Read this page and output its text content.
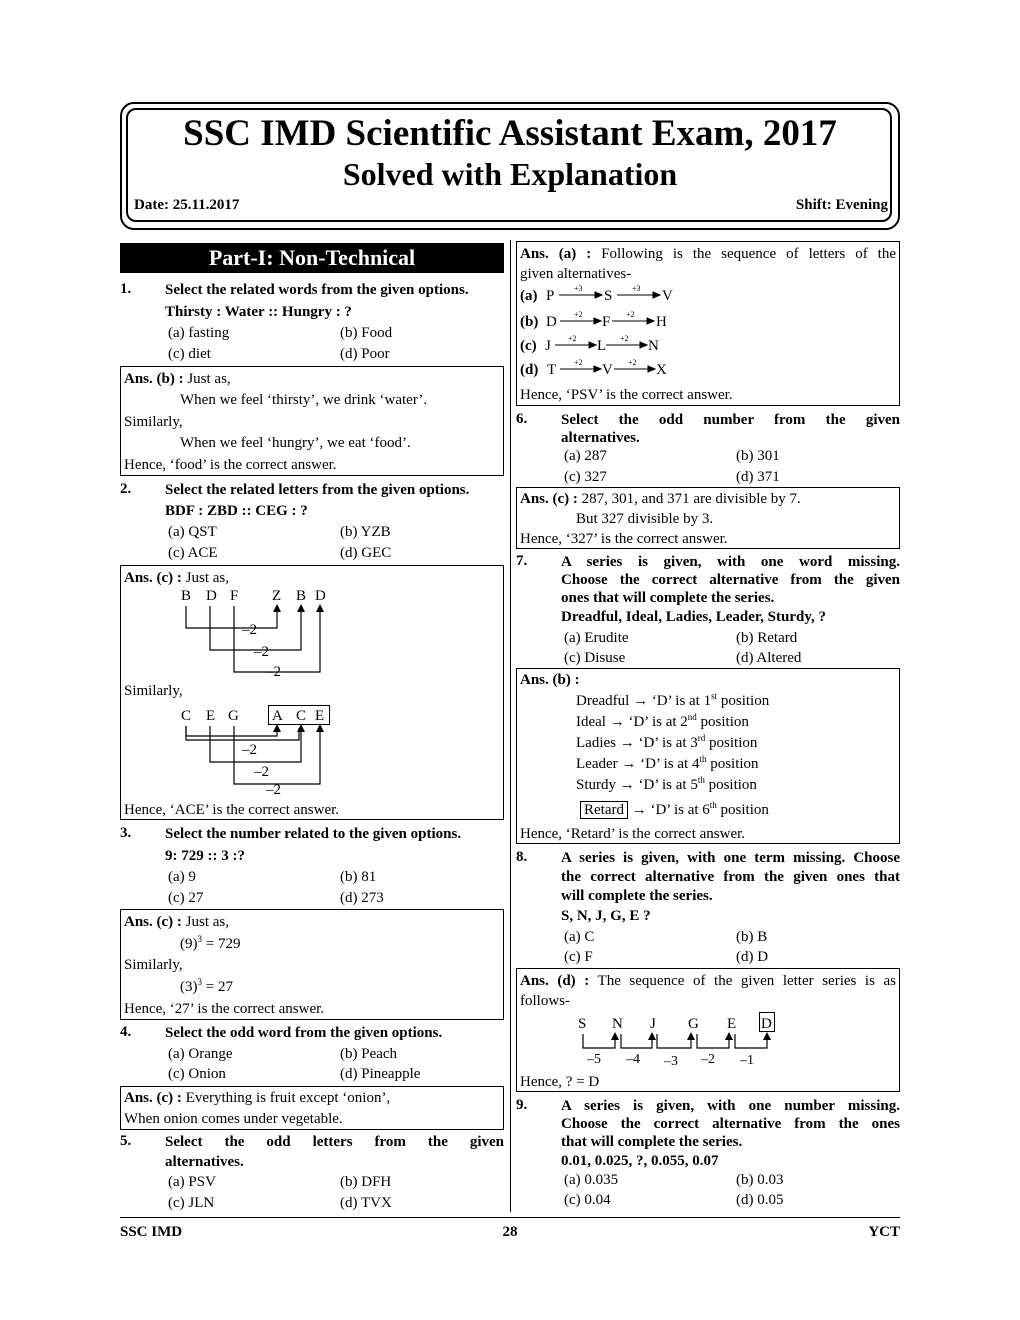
SSC IMD Scientific Assistant Exam, 2017
Solved with Explanation
Date: 25.11.2017	Shift: Evening
Part-I: Non-Technical
1. Select the related words from the given options.
Thirsty : Water :: Hungry : ?
(a) fasting	(b) Food
(c) diet	(d) Poor
Ans. (b) : Just as,
When we feel ‘thirsty’, we drink ‘water’.
Similarly,
When we feel ‘hungry’, we eat ‘food’.
Hence, ‘food’ is the correct answer.
2. Select the related letters from the given options.
BDF : ZBD :: CEG : ?
(a) QST	(b) YZB
(c) ACE	(d) GEC
Ans. (c) : Just as,
B D F Z B D
–2
–2
–2
Similarly,
C E G A C E
–2
–2
–2
Hence, ‘ACE’ is the correct answer.
3. Select the number related to the given options.
9: 729 :: 3 :?
(a) 9	(b) 81
(c) 27	(d) 273
Ans. (c) : Just as,
$(9)^3 = 729$
Similarly,
$(3)^3 = 27$
Hence, ‘27’ is the correct answer.
4. Select the odd word from the given options.
(a) Orange	(b) Peach
(c) Onion	(d) Pineapple
Ans. (c) : Everything is fruit except ‘onion’,
When onion comes under vegetable.
5. Select the odd letters from the given
alternatives.
(a) PSV	(b) DFH
(c) JLN	(d) TVX
Ans. (a) : Following is the sequence of letters of the
given alternatives-
(a) P	S	V
+3	+3
(b) D	F	H
+2	+2
(c) J	L	N
+2	+2
(d) T	V	X
+2	+2
Hence, ‘PSV’ is the correct answer.
6. Select the odd number from the given
alternatives.
(a) 287	(b) 301
(c) 327	(d) 371
Ans. (c) : 287, 301, and 371 are divisible by 7.
But 327 divisible by 3.
Hence, ‘327’ is the correct answer.
7. A series is given, with one word missing.
Choose the correct alternative from the given
ones that will complete the series.
Dreadful, Ideal, Ladies, Leader, Sturdy, ?
(a) Erudite	(b) Retard
(c) Disuse	(d) Altered
Ans. (b) :
Dreadful → ‘D’ is at 1st position
Ideal → ‘D’ is at 2nd position
Ladies → ‘D’ is at 3rd position
Leader → ‘D’ is at 4th position
Sturdy → ‘D’ is at 5th position
Retard → ‘D’ is at 6th position
Hence, ‘Retard’ is the correct answer.
8. A series is given, with one term missing. Choose
the correct alternative from the given ones that
will complete the series.
S, N, J, G, E ?
(a) C	(b) B
(c) F	(d) D
Ans. (d) : The sequence of the given letter series is as
follows-
S N J G E D
–5 –4 –3 –2 –1
Hence, ? = D
9. A series is given, with one number missing.
Choose the correct alternative from the ones
that will complete the series.
0.01, 0.025, ?, 0.055, 0.07
(a) 0.035	(b) 0.03
(c) 0.04	(d) 0.05
SSC IMD	28	YCT
